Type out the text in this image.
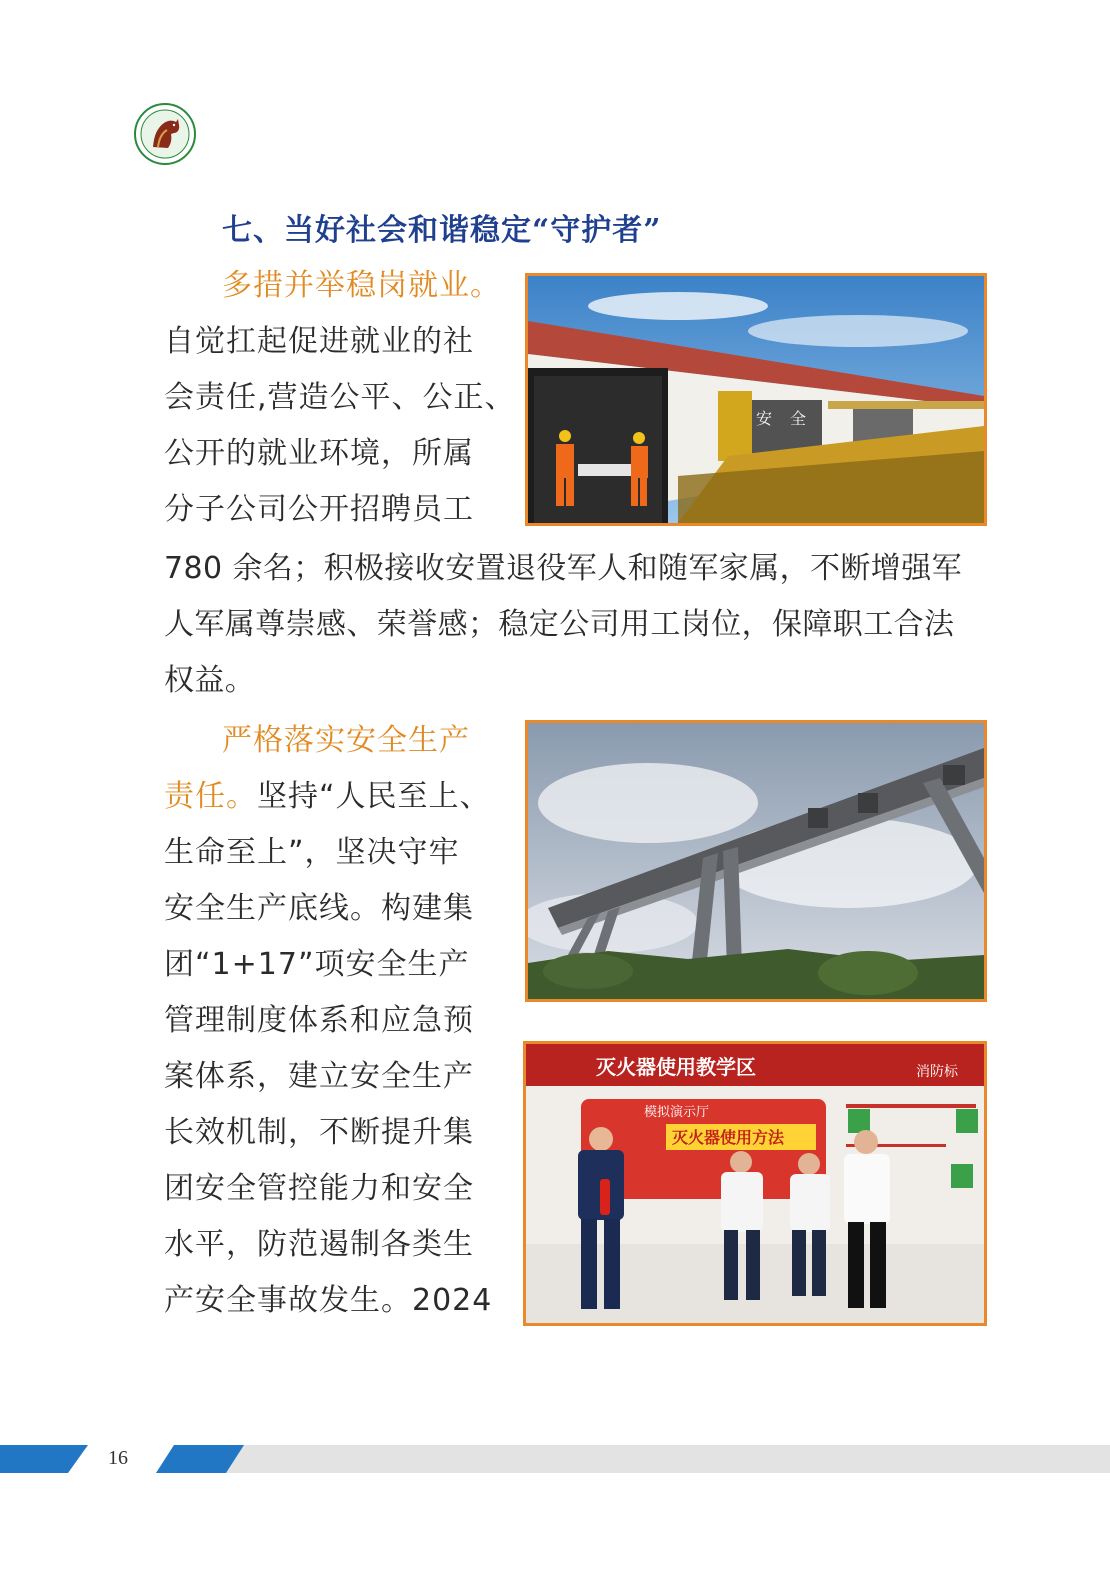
七、当好社会和谐稳定“守护者”
多措并举稳岗就业。
自觉扛起促进就业的社
会责任,营造公平、公正、
公开的就业环境，所属
分子公司公开招聘员工
780 余名；积极接收安置退役军人和随军家属，不断增强军
人军属尊崇感、荣誉感；稳定公司用工岗位，保障职工合法
权益。
严格落实安全生产
责任。坚持“人民至上、
生命至上”，坚决守牢
安全生产底线。构建集
团“1+17”项安全生产
管理制度体系和应急预
案体系，建立安全生产
长效机制，不断提升集
团安全管控能力和安全
水平，防范遏制各类生
产安全事故发生。2024
安 全
灭火器使用教学区	消防标
模拟演示厅
灭火器使用方法
16
